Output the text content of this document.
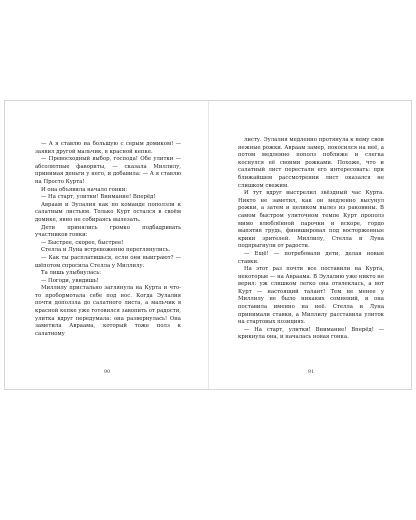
— А я ставлю на большую с серым домиком! — заявил другой мальчик, в красной кепке.

— Превосходный выбор, господа! Обе улитки — абсолютные фавориты, — сказала Миллилу, принимая деньги у него, и добавила: — А я ставлю на Просто Курта!

И она объявила начало гонки:

— На старт, улитки! Внимание! Вперёд!

Авраам и Эулалия как по команде поползли к салатным листьям. Только Курт остался в своём домике, явно не собираясь вылезать.

Дети принялись громко подбадривать участников гонки:

— Быстрее, скорее, быстрее!

Стелла и Луна встревоженно переглянулись.

— Как ты расплатишься, если они выиграют? — шёпотом спросила Стелла у Миллилу.

Та лишь улыбнулась:

— Погоди, увидишь!

Миллилу пристально заглянула на Курта и что-то пробормотала себе под нос. Когда Эулалия почти доползла до салатного листа, а мальчик в красной кепке уже готовился завопить от радости, улитка вдруг передумала: она развернулась! Она заметила Авраама, который тоже полз к салатному

90

листу. Эулалия медленно протянула к нему свои нежные рожки. Авраам замер, покосился на неё, а потом медленно пополз поближе и слегка коснулся её своими рожками. Похоже, что и салатный лист перестали его интересовать: при ближайшем рассмотрении лист оказался не слишком свежим.

И тут вдруг выстрелил звёздный час Курта. Никто не заметил, как он медленно высунул рожки, а затем и целиком вылез из раковины. В самом быстром улиточном темпе Курт прополз мимо влюблённой парочки и вскоре, гордо выпятив грудь, финишировал под восторженные крики зрителей. Миллилу, Стелла и Луна подпрыгнули от радости.

— Ещё! — потребовали дети, делая новые ставки.

На этот раз почти все поставили на Курта, некоторые — на Авраама. В Эулалию уже никто не верил: уж слишком легко она отвлеклась, а вот Курт — настоящий талант! Тем не менее у Миллилу не было никаких сомнений, и она поставила именно на неё. Стелла и Луна принимали ставки, а Миллилу расставила улиток на стартовых позициях.

— На старт, улитки! Внимание! Вперёд! — крикнула она, и началась новая гонка.

91
